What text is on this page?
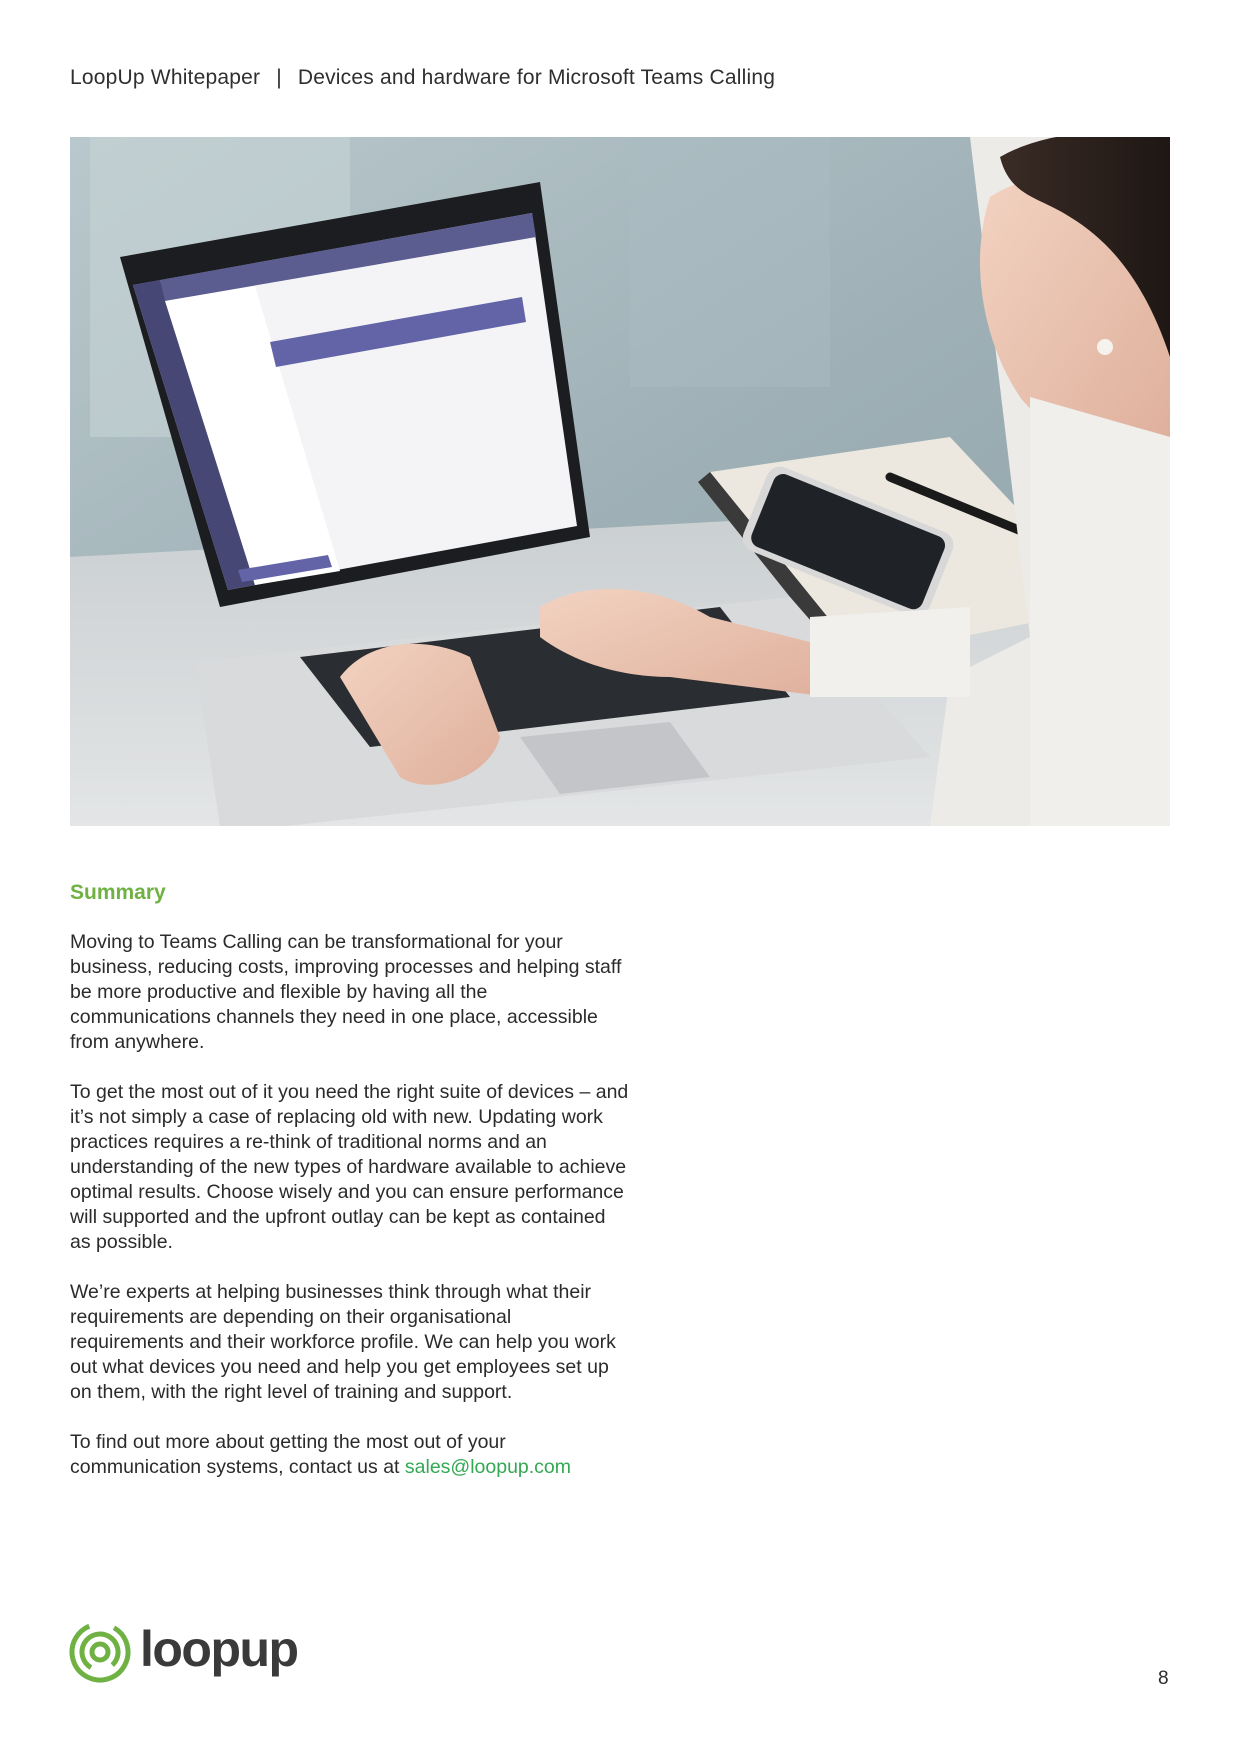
LoopUp Whitepaper | Devices and hardware for Microsoft Teams Calling
Summary

Moving to Teams Calling can be transformational for your business, reducing costs, improving processes and helping staff be more productive and flexible by having all the communications channels they need in one place, accessible from anywhere.

To get the most out of it you need the right suite of devices – and it’s not simply a case of replacing old with new. Updating work practices requires a re-think of traditional norms and an understanding of the new types of hardware available to achieve optimal results. Choose wisely and you can ensure performance will supported and the upfront outlay can be kept as contained as possible.

We’re experts at helping businesses think through what their requirements are depending on their organisational requirements and their workforce profile. We can help you work out what devices you need and help you get employees set up on them, with the right level of training and support.

To find out more about getting the most out of your communication systems, contact us at sales@loopup.com

loopup
8
